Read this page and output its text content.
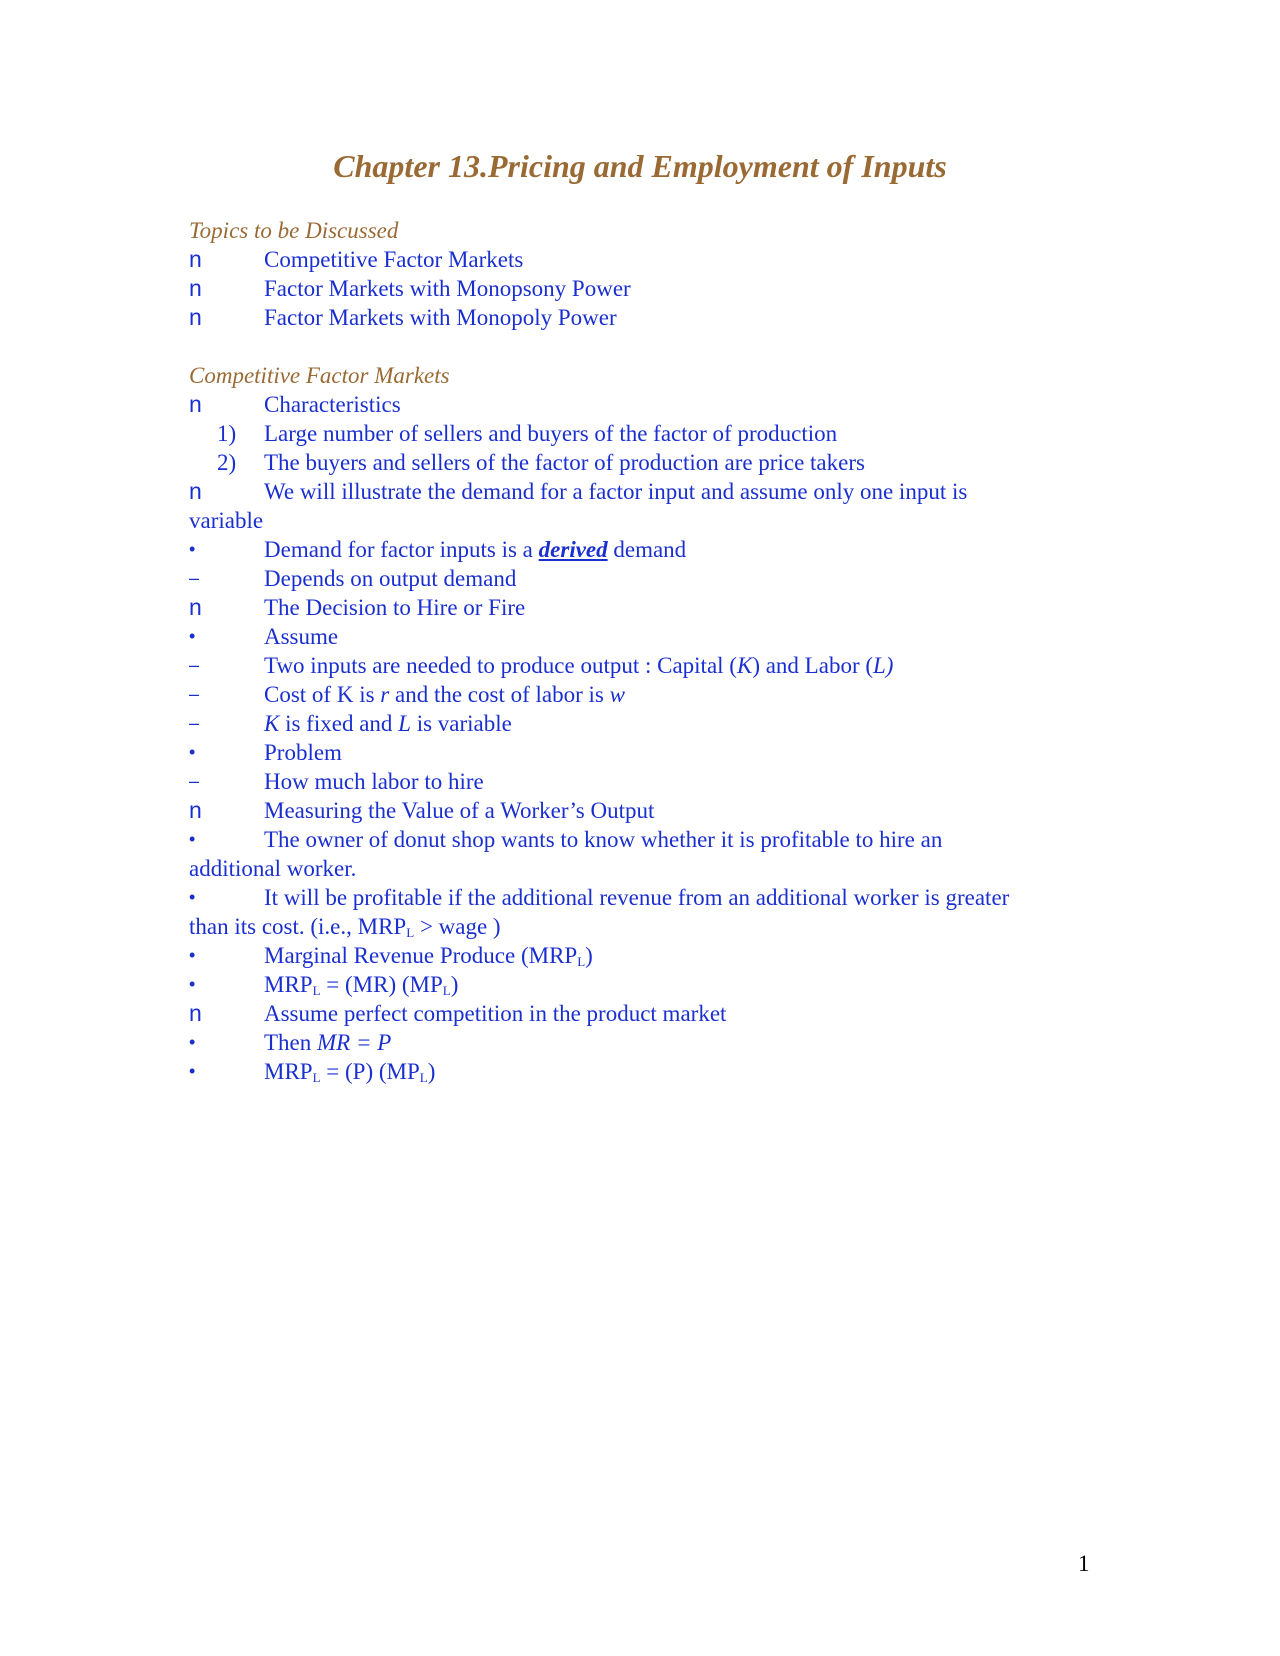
Chapter 13.Pricing and Employment of Inputs
Topics to be Discussed
n	Competitive Factor Markets
n	Factor Markets with Monopsony Power
n	Factor Markets with Monopoly Power
Competitive Factor Markets
n	Characteristics
1)	Large number of sellers and buyers of the factor of production
2)	The buyers and sellers of the factor of production are price takers
n	We will illustrate the demand for a factor input and assume only one input is
variable
•	Demand for factor inputs is a derived demand
–	Depends on output demand
n	The Decision to Hire or Fire
•	Assume
–	Two inputs are needed to produce output : Capital (K) and Labor (L)
–	Cost of K is r and the cost of labor is w
–	K is fixed and L is variable
•	Problem
–	How much labor to hire
n	Measuring the Value of a Worker’s Output
•	The owner of donut shop wants to know whether it is profitable to hire an
additional worker.
•	It will be profitable if the additional revenue from an additional worker is greater
than its cost. (i.e., $MRP_L$ > wage )
•	Marginal Revenue Produce $(MRP_L)$
•	$MRP_L = (MR)$ $(MP_L)$
n	Assume perfect competition in the product market
•	Then MR = P
•	$MRP_L = (P)$ $(MP_L)$
1
